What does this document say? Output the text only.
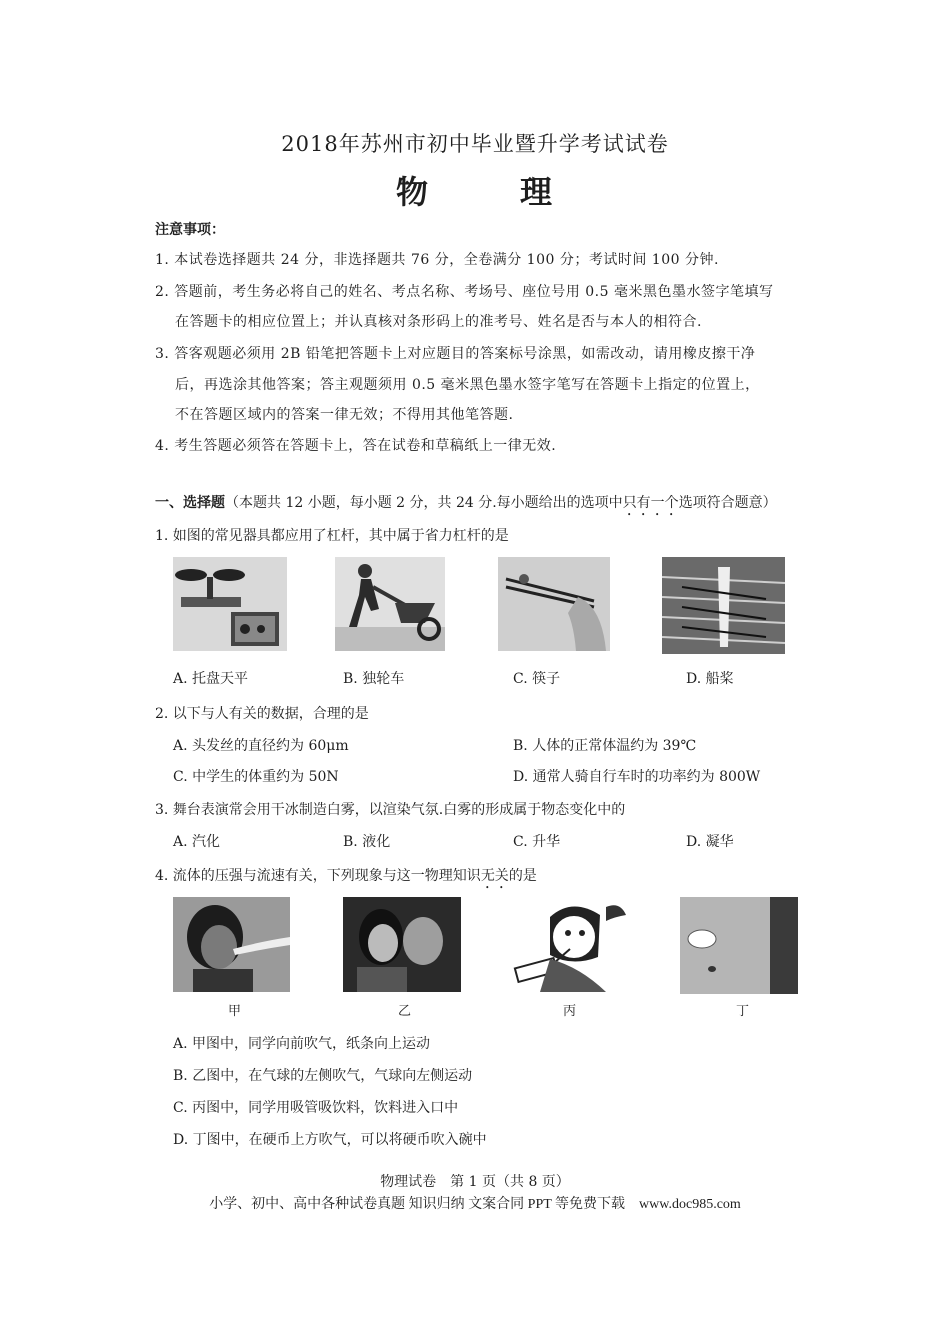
2018年苏州市初中毕业暨升学考试试卷
物	理
注意事项：
1. 本试卷选择题共 24 分，非选择题共 76 分，全卷满分 100 分；考试时间 100 分钟.
2. 答题前，考生务必将自己的姓名、考点名称、考场号、座位号用 0.5 毫米黑色墨水签字笔填写
在答题卡的相应位置上；并认真核对条形码上的准考号、姓名是否与本人的相符合.
3. 答客观题必须用 2B 铅笔把答题卡上对应题目的答案标号涂黑，如需改动，请用橡皮擦干净
后，再选涂其他答案；答主观题须用 0.5 毫米黑色墨水签字笔写在答题卡上指定的位置上，
不在答题区域内的答案一律无效；不得用其他笔答题.
4. 考生答题必须答在答题卡上，答在试卷和草稿纸上一律无效.
一、选择题（本题共 12 小题，每小题 2 分，共 24 分.每小题给出的选项中只有一个选项符合题意）
1. 如图的常见器具都应用了杠杆，其中属于省力杠杆的是
A. 托盘天平	B. 独轮车	C. 筷子	D. 船桨
2. 以下与人有关的数据，合理的是
A. 头发丝的直径约为 60μm	B. 人体的正常体温约为 39℃
C. 中学生的体重约为 50N	D. 通常人骑自行车时的功率约为 800W
3. 舞台表演常会用干冰制造白雾，以渲染气氛.白雾的形成属于物态变化中的
A. 汽化	B. 液化	C. 升华	D. 凝华
4. 流体的压强与流速有关，下列现象与这一物理知识无关的是
甲	乙	丙	丁
A. 甲图中，同学向前吹气，纸条向上运动
B. 乙图中，在气球的左侧吹气，气球向左侧运动
C. 丙图中，同学用吸管吸饮料，饮料进入口中
D. 丁图中，在硬币上方吹气，可以将硬币吹入碗中
物理试卷　第 1 页（共 8 页）
小学、初中、高中各种试卷真题 知识归纳 文案合同 PPT 等免费下载　www.doc985.com
